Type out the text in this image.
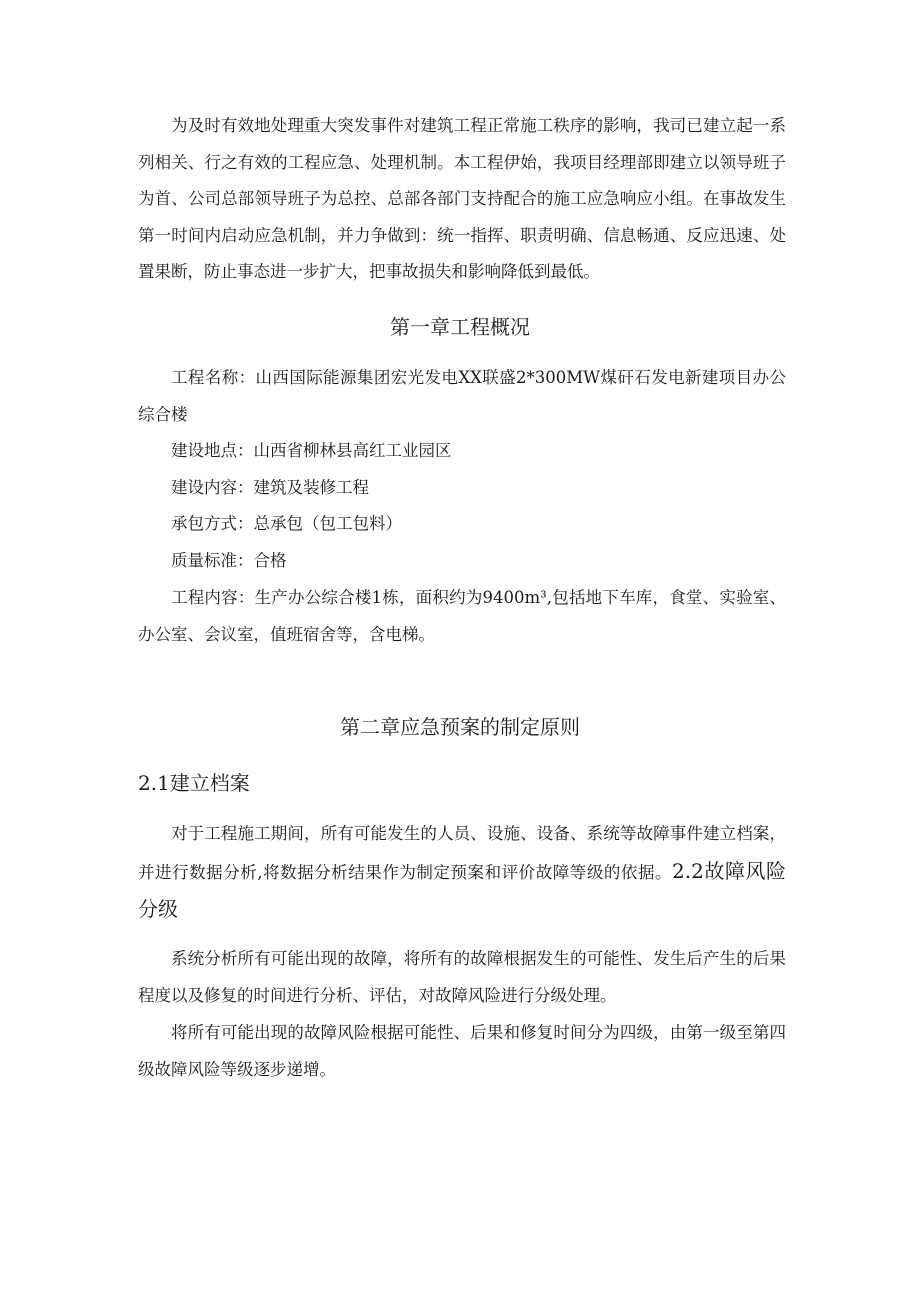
为及时有效地处理重大突发事件对建筑工程正常施工秩序的影响，我司已建立起一系列相关、行之有效的工程应急、处理机制。本工程伊始，我项目经理部即建立以领导班子为首、公司总部领导班子为总控、总部各部门支持配合的施工应急响应小组。在事故发生第一时间内启动应急机制，并力争做到：统一指挥、职责明确、信息畅通、反应迅速、处置果断，防止事态进一步扩大，把事故损失和影响降低到最低。

第一章工程概况

工程名称：山西国际能源集团宏光发电XX联盛2*300MW煤矸石发电新建项目办公综合楼

建设地点：山西省柳林县高红工业园区

建设内容：建筑及装修工程

承包方式：总承包（包工包料）

质量标准：合格

工程内容：生产办公综合楼1栋，面积约为9400m³,包括地下车库，食堂、实验室、办公室、会议室，值班宿舍等，含电梯。

第二章应急预案的制定原则
2.1建立档案

对于工程施工期间，所有可能发生的人员、设施、设备、系统等故障事件建立档案，并进行数据分析,将数据分析结果作为制定预案和评价故障等级的依据。2.2故障风险分级

系统分析所有可能出现的故障，将所有的故障根据发生的可能性、发生后产生的后果程度以及修复的时间进行分析、评估，对故障风险进行分级处理。

将所有可能出现的故障风险根据可能性、后果和修复时间分为四级，由第一级至第四级故障风险等级逐步递增。
